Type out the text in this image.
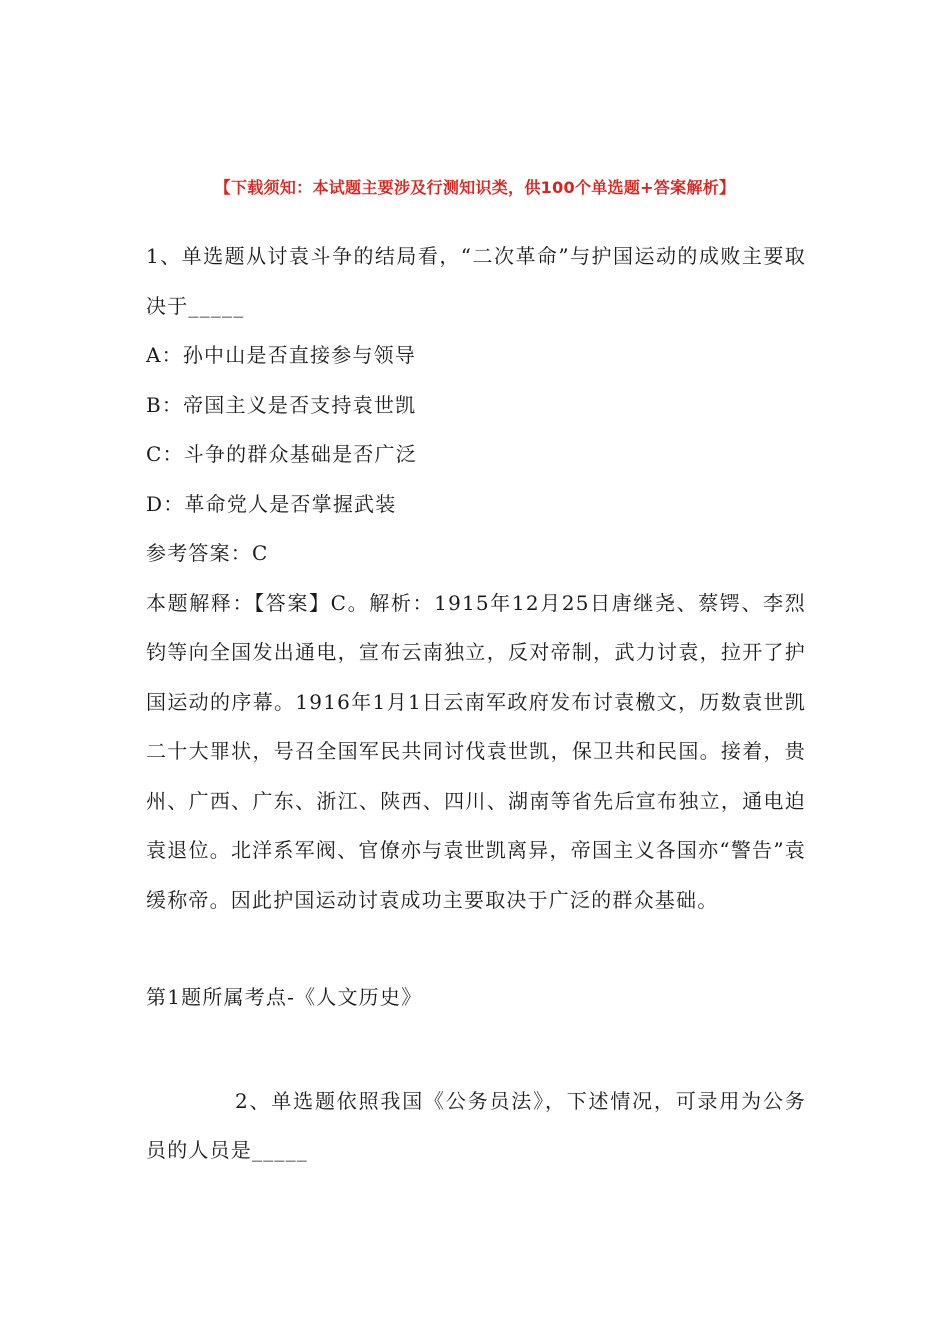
【下载须知：本试题主要涉及行测知识类，供100个单选题+答案解析】

1、单选题从讨袁斗争的结局看，“二次革命”与护国运动的成败主要取决于_____

A：孙中山是否直接参与领导

B：帝国主义是否支持袁世凯

C：斗争的群众基础是否广泛

D：革命党人是否掌握武装

参考答案：C

本题解释：【答案】C。解析：1915年12月25日唐继尧、蔡锷、李烈钧等向全国发出通电，宣布云南独立，反对帝制，武力讨袁，拉开了护国运动的序幕。1916年1月1日云南军政府发布讨袁檄文，历数袁世凯二十大罪状，号召全国军民共同讨伐袁世凯，保卫共和民国。接着，贵州、广西、广东、浙江、陕西、四川、湖南等省先后宣布独立，通电迫袁退位。北洋系军阀、官僚亦与袁世凯离异，帝国主义各国亦“警告”袁缓称帝。因此护国运动讨袁成功主要取决于广泛的群众基础。

第1题所属考点-《人文历史》

2、单选题依照我国《公务员法》，下述情况，可录用为公务员的人员是_____
